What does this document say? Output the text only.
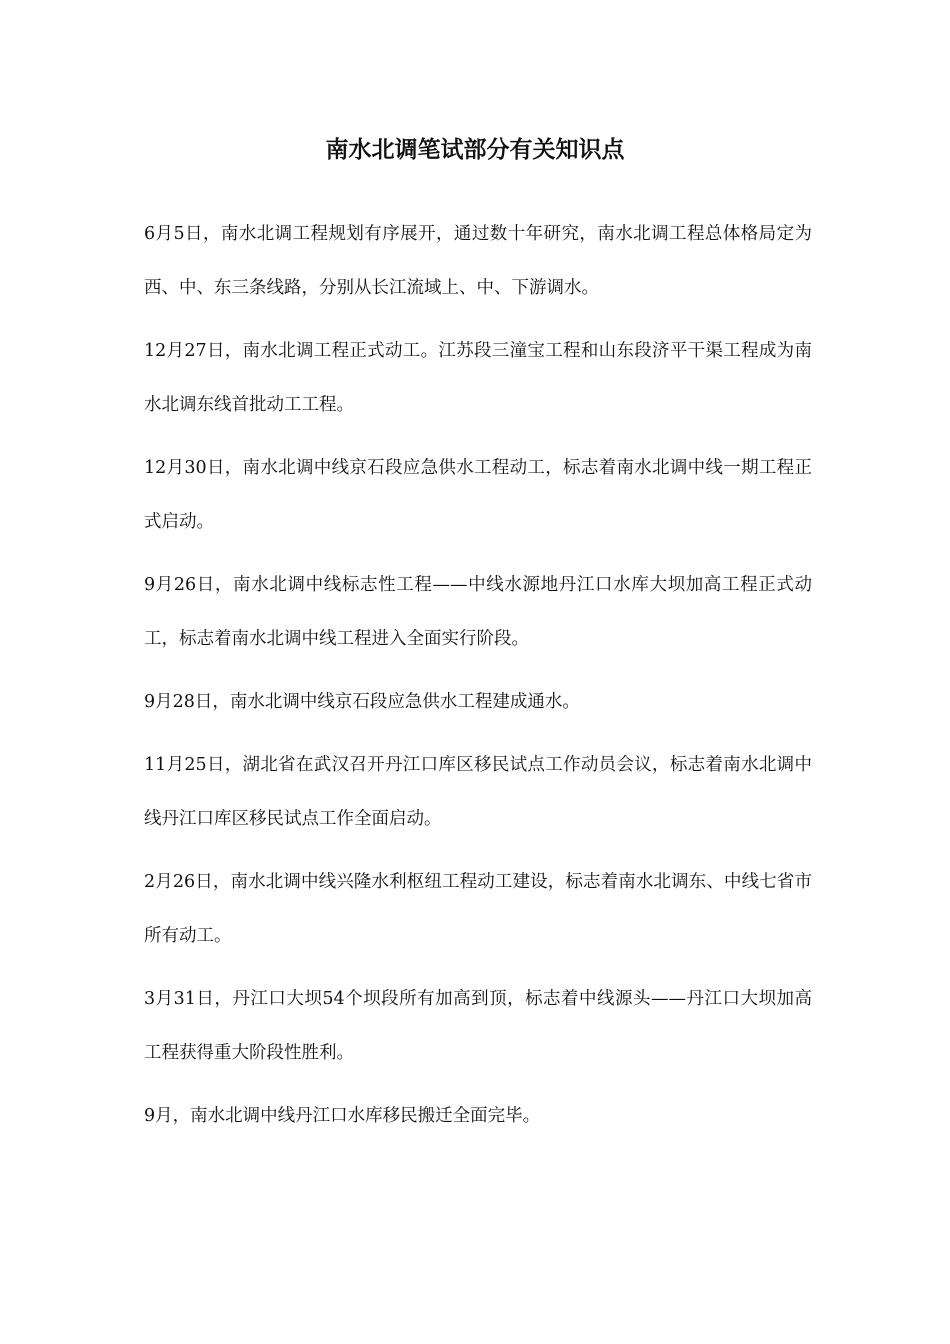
南水北调笔试部分有关知识点

6月5日，南水北调工程规划有序展开，通过数十年研究，南水北调工程总体格局定为西、中、东三条线路，分别从长江流域上、中、下游调水。

12月27日，南水北调工程正式动工。江苏段三潼宝工程和山东段济平干渠工程成为南水北调东线首批动工工程。

12月30日，南水北调中线京石段应急供水工程动工，标志着南水北调中线一期工程正式启动。

9月26日，南水北调中线标志性工程——中线水源地丹江口水库大坝加高工程正式动工，标志着南水北调中线工程进入全面实行阶段。

9月28日，南水北调中线京石段应急供水工程建成通水。

11月25日，湖北省在武汉召开丹江口库区移民试点工作动员会议，标志着南水北调中线丹江口库区移民试点工作全面启动。

2月26日，南水北调中线兴隆水利枢纽工程动工建设，标志着南水北调东、中线七省市所有动工。

3月31日，丹江口大坝54个坝段所有加高到顶，标志着中线源头——丹江口大坝加高工程获得重大阶段性胜利。

9月，南水北调中线丹江口水库移民搬迁全面完毕。
